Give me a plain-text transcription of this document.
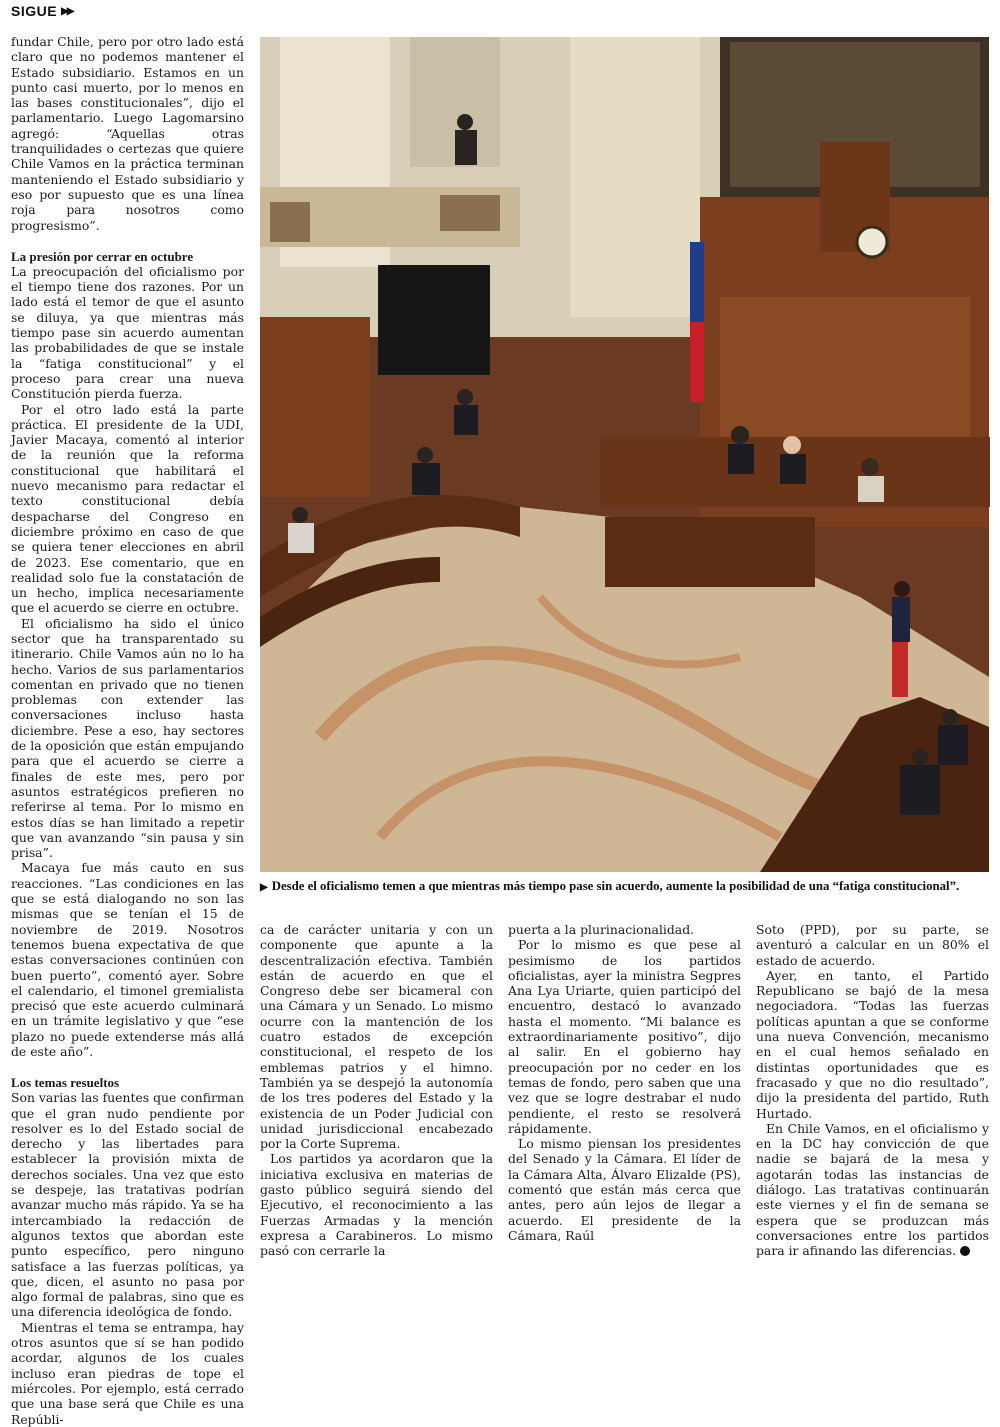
SIGUE ▶▶

fundar Chile, pero por otro lado está claro que no podemos mantener el Estado subsidiario. Estamos en un punto casi muerto, por lo menos en las bases constitucionales”, dijo el parlamentario. Luego Lagomarsino agregó: “Aquellas otras tranquilidades o certezas que quiere Chile Vamos en la práctica terminan manteniendo el Estado subsidiario y eso por supuesto que es una línea roja para nosotros como progresismo”.

La presión por cerrar en octubre

La preocupación del oficialismo por el tiempo tiene dos razones. Por un lado está el temor de que el asunto se diluya, ya que mientras más tiempo pase sin acuerdo aumentan las probabilidades de que se instale la “fatiga constitucional” y el proceso para crear una nueva Constitución pierda fuerza.

Por el otro lado está la parte práctica. El presidente de la UDI, Javier Macaya, comentó al interior de la reunión que la reforma constitucional que habilitará el nuevo mecanismo para redactar el texto constitucional debía despacharse del Congreso en diciembre próximo en caso de que se quiera tener elecciones en abril de 2023. Ese comentario, que en realidad solo fue la constatación de un hecho, implica necesariamente que el acuerdo se cierre en octubre.

El oficialismo ha sido el único sector que ha transparentado su itinerario. Chile Vamos aún no lo ha hecho. Varios de sus parlamentarios comentan en privado que no tienen problemas con extender las conversaciones incluso hasta diciembre. Pese a eso, hay sectores de la oposición que están empujando para que el acuerdo se cierre a finales de este mes, pero por asuntos estratégicos prefieren no referirse al tema. Por lo mismo en estos días se han limitado a repetir que van avanzando “sin pausa y sin prisa”.

Macaya fue más cauto en sus reacciones. “Las condiciones en las que se está dialogando no son las mismas que se tenían el 15 de noviembre de 2019. Nosotros tenemos buena expectativa de que estas conversaciones continúen con buen puerto”, comentó ayer. Sobre el calendario, el timonel gremialista precisó que este acuerdo culminará en un trámite legislativo y que “ese plazo no puede extenderse más allá de este año”.

Los temas resueltos

Son varias las fuentes que confirman que el gran nudo pendiente por resolver es lo del Estado social de derecho y las libertades para establecer la provisión mixta de derechos sociales. Una vez que esto se despeje, las tratativas podrían avanzar mucho más rápido. Ya se ha intercambiado la redacción de algunos textos que abordan este punto específico, pero ninguno satisface a las fuerzas políticas, ya que, dicen, el asunto no pasa por algo formal de palabras, sino que es una diferencia ideológica de fondo.

Mientras el tema se entrampa, hay otros asuntos que sí se han podido acordar, algunos de los cuales incluso eran piedras de tope el miércoles. Por ejemplo, está cerrado que una base será que Chile es una Repúbli-

▶ Desde el oficialismo temen a que mientras más tiempo pase sin acuerdo, aumente la posibilidad de una “fatiga constitucional”.

ca de carácter unitaria y con un componente que apunte a la descentralización efectiva. También están de acuerdo en que el Congreso debe ser bicameral con una Cámara y un Senado. Lo mismo ocurre con la mantención de los cuatro estados de excepción constitucional, el respeto de los emblemas patrios y el himno. También ya se despejó la autonomía de los tres poderes del Estado y la existencia de un Poder Judicial con unidad jurisdiccional encabezado por la Corte Suprema.

Los partidos ya acordaron que la iniciativa exclusiva en materias de gasto público seguirá siendo del Ejecutivo, el reconocimiento a las Fuerzas Armadas y la mención expresa a Carabineros. Lo mismo pasó con cerrarle la

puerta a la plurinacionalidad.

Por lo mismo es que pese al pesimismo de los partidos oficialistas, ayer la ministra Segpres Ana Lya Uriarte, quien participó del encuentro, destacó lo avanzado hasta el momento. “Mi balance es extraordinariamente positivo”, dijo al salir. En el gobierno hay preocupación por no ceder en los temas de fondo, pero saben que una vez que se logre destrabar el nudo pendiente, el resto se resolverá rápidamente.

Lo mismo piensan los presidentes del Senado y la Cámara. El líder de la Cámara Alta, Álvaro Elizalde (PS), comentó que están más cerca que antes, pero aún lejos de llegar a acuerdo. El presidente de la Cámara, Raúl

Soto (PPD), por su parte, se aventuró a calcular en un 80% el estado de acuerdo.

Ayer, en tanto, el Partido Republicano se bajó de la mesa negociadora. “Todas las fuerzas políticas apuntan a que se conforme una nueva Convención, mecanismo en el cual hemos señalado en distintas oportunidades que es fracasado y que no dio resultado”, dijo la presidenta del partido, Ruth Hurtado.

En Chile Vamos, en el oficialismo y en la DC hay convicción de que nadie se bajará de la mesa y agotarán todas las instancias de diálogo. Las tratativas continuarán este viernes y el fin de semana se espera que se produzcan más conversaciones entre los partidos para ir afinando las diferencias.
